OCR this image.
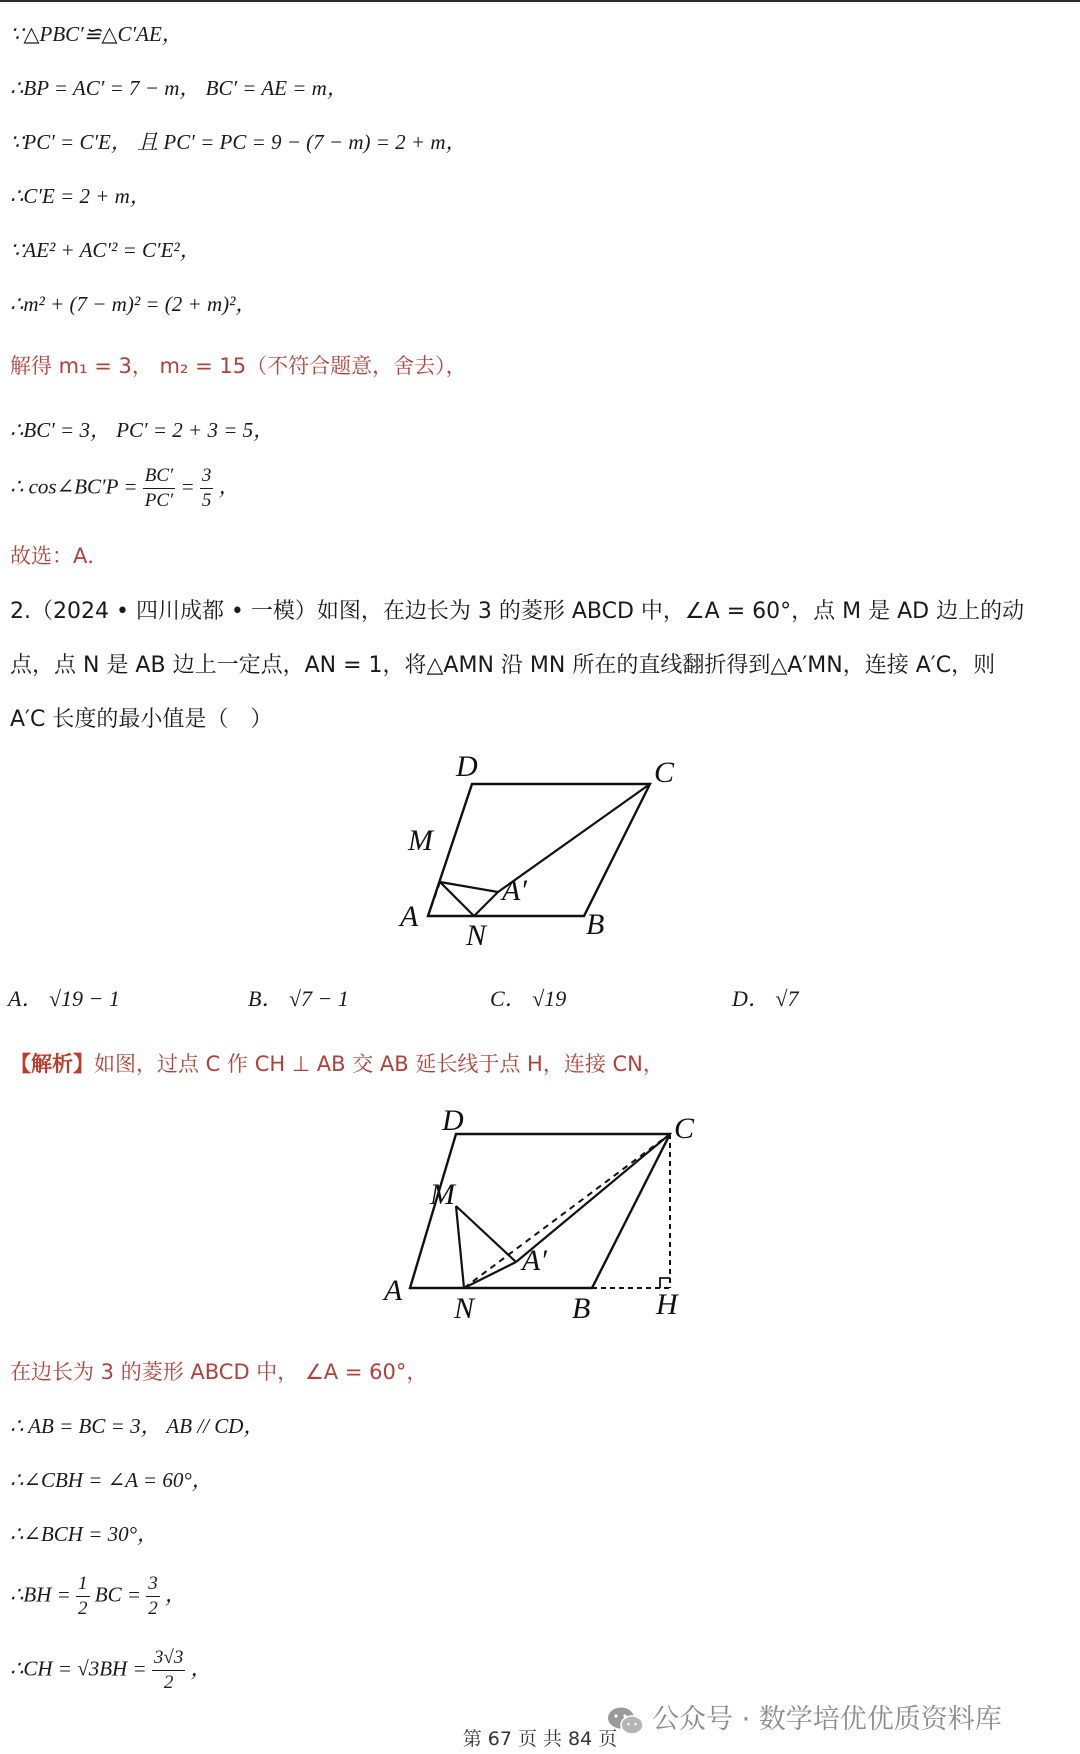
∵△PBC′≌△C′AE，
∴BP = AC′ = 7 − m， BC′ = AE = m，
∵PC′ = C′E， 且 PC′ = PC = 9 − (7 − m) = 2 + m，
∴C′E = 2 + m，
∵AE² + AC′² = C′E²，
∴m² + (7 − m)² = (2 + m)²，
解得 m₁ = 3， m₂ = 15（不符合题意，舍去），
∴BC′ = 3， PC′ = 2 + 3 = 5，
∴ cos∠BC′P = $\frac{BC'}{PC'} = \frac{3}{5}$ ，
故选：A．
2.（2024 • 四川成都 • 一模）如图，在边长为 3 的菱形 ABCD 中，∠A = 60°，点 M 是 AD 边上的动
点，点 N 是 AB 边上一定点，AN = 1，将△AMN 沿 MN 所在的直线翻折得到△A′MN，连接 A′C，则
A′C 长度的最小值是（　）
D	C
M
A′
A
N	B
A． √19 − 1	B． √7 − 1	C． √19	D． √7
【解析】如图，过点 C 作 CH ⊥ AB 交 AB 延长线于点 H，连接 CN，
D	C
M
A′
A
N	B H
在边长为 3 的菱形 ABCD 中， ∠A = 60°，
∴ AB = BC = 3， AB // CD，
∴∠CBH = ∠A = 60°，
∴∠BCH = 30°，
∴BH = $\frac{1}{2}$ BC = $\frac{3}{2}$ ，
∴CH = $√3BH = \frac{3√3}{2}$ ，
公众号 · 数学培优优质资料库
第 67 页 共 84 页
